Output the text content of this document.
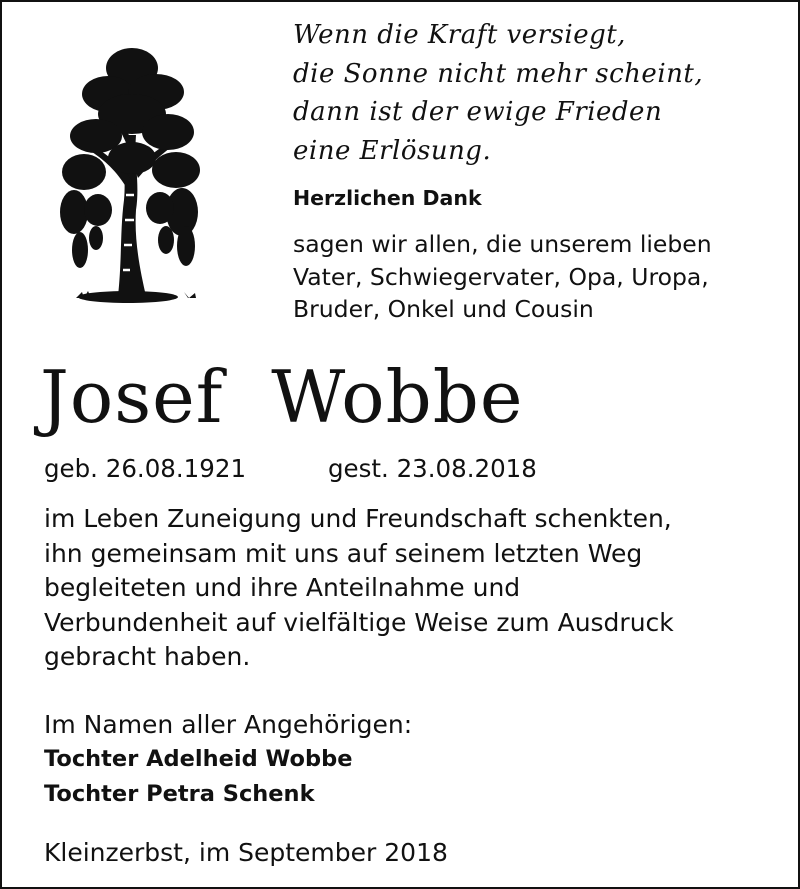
Wenn die Kraft versiegt,
die Sonne nicht mehr scheint,
dann ist der ewige Frieden
eine Erlösung.
Herzlichen Dank
sagen wir allen, die unserem lieben
Vater, Schwiegervater, Opa, Uropa,
Bruder, Onkel und Cousin
Josef  Wobbe
geb. 26.08.1921	gest. 23.08.2018
im Leben Zuneigung und Freundschaft schenkten,
ihn gemeinsam mit uns auf seinem letzten Weg
begleiteten und ihre Anteilnahme und
Verbundenheit auf vielfältige Weise zum Ausdruck
gebracht haben.
Im Namen aller Angehörigen:
Tochter Adelheid Wobbe
Tochter Petra Schenk
Kleinzerbst, im September 2018
